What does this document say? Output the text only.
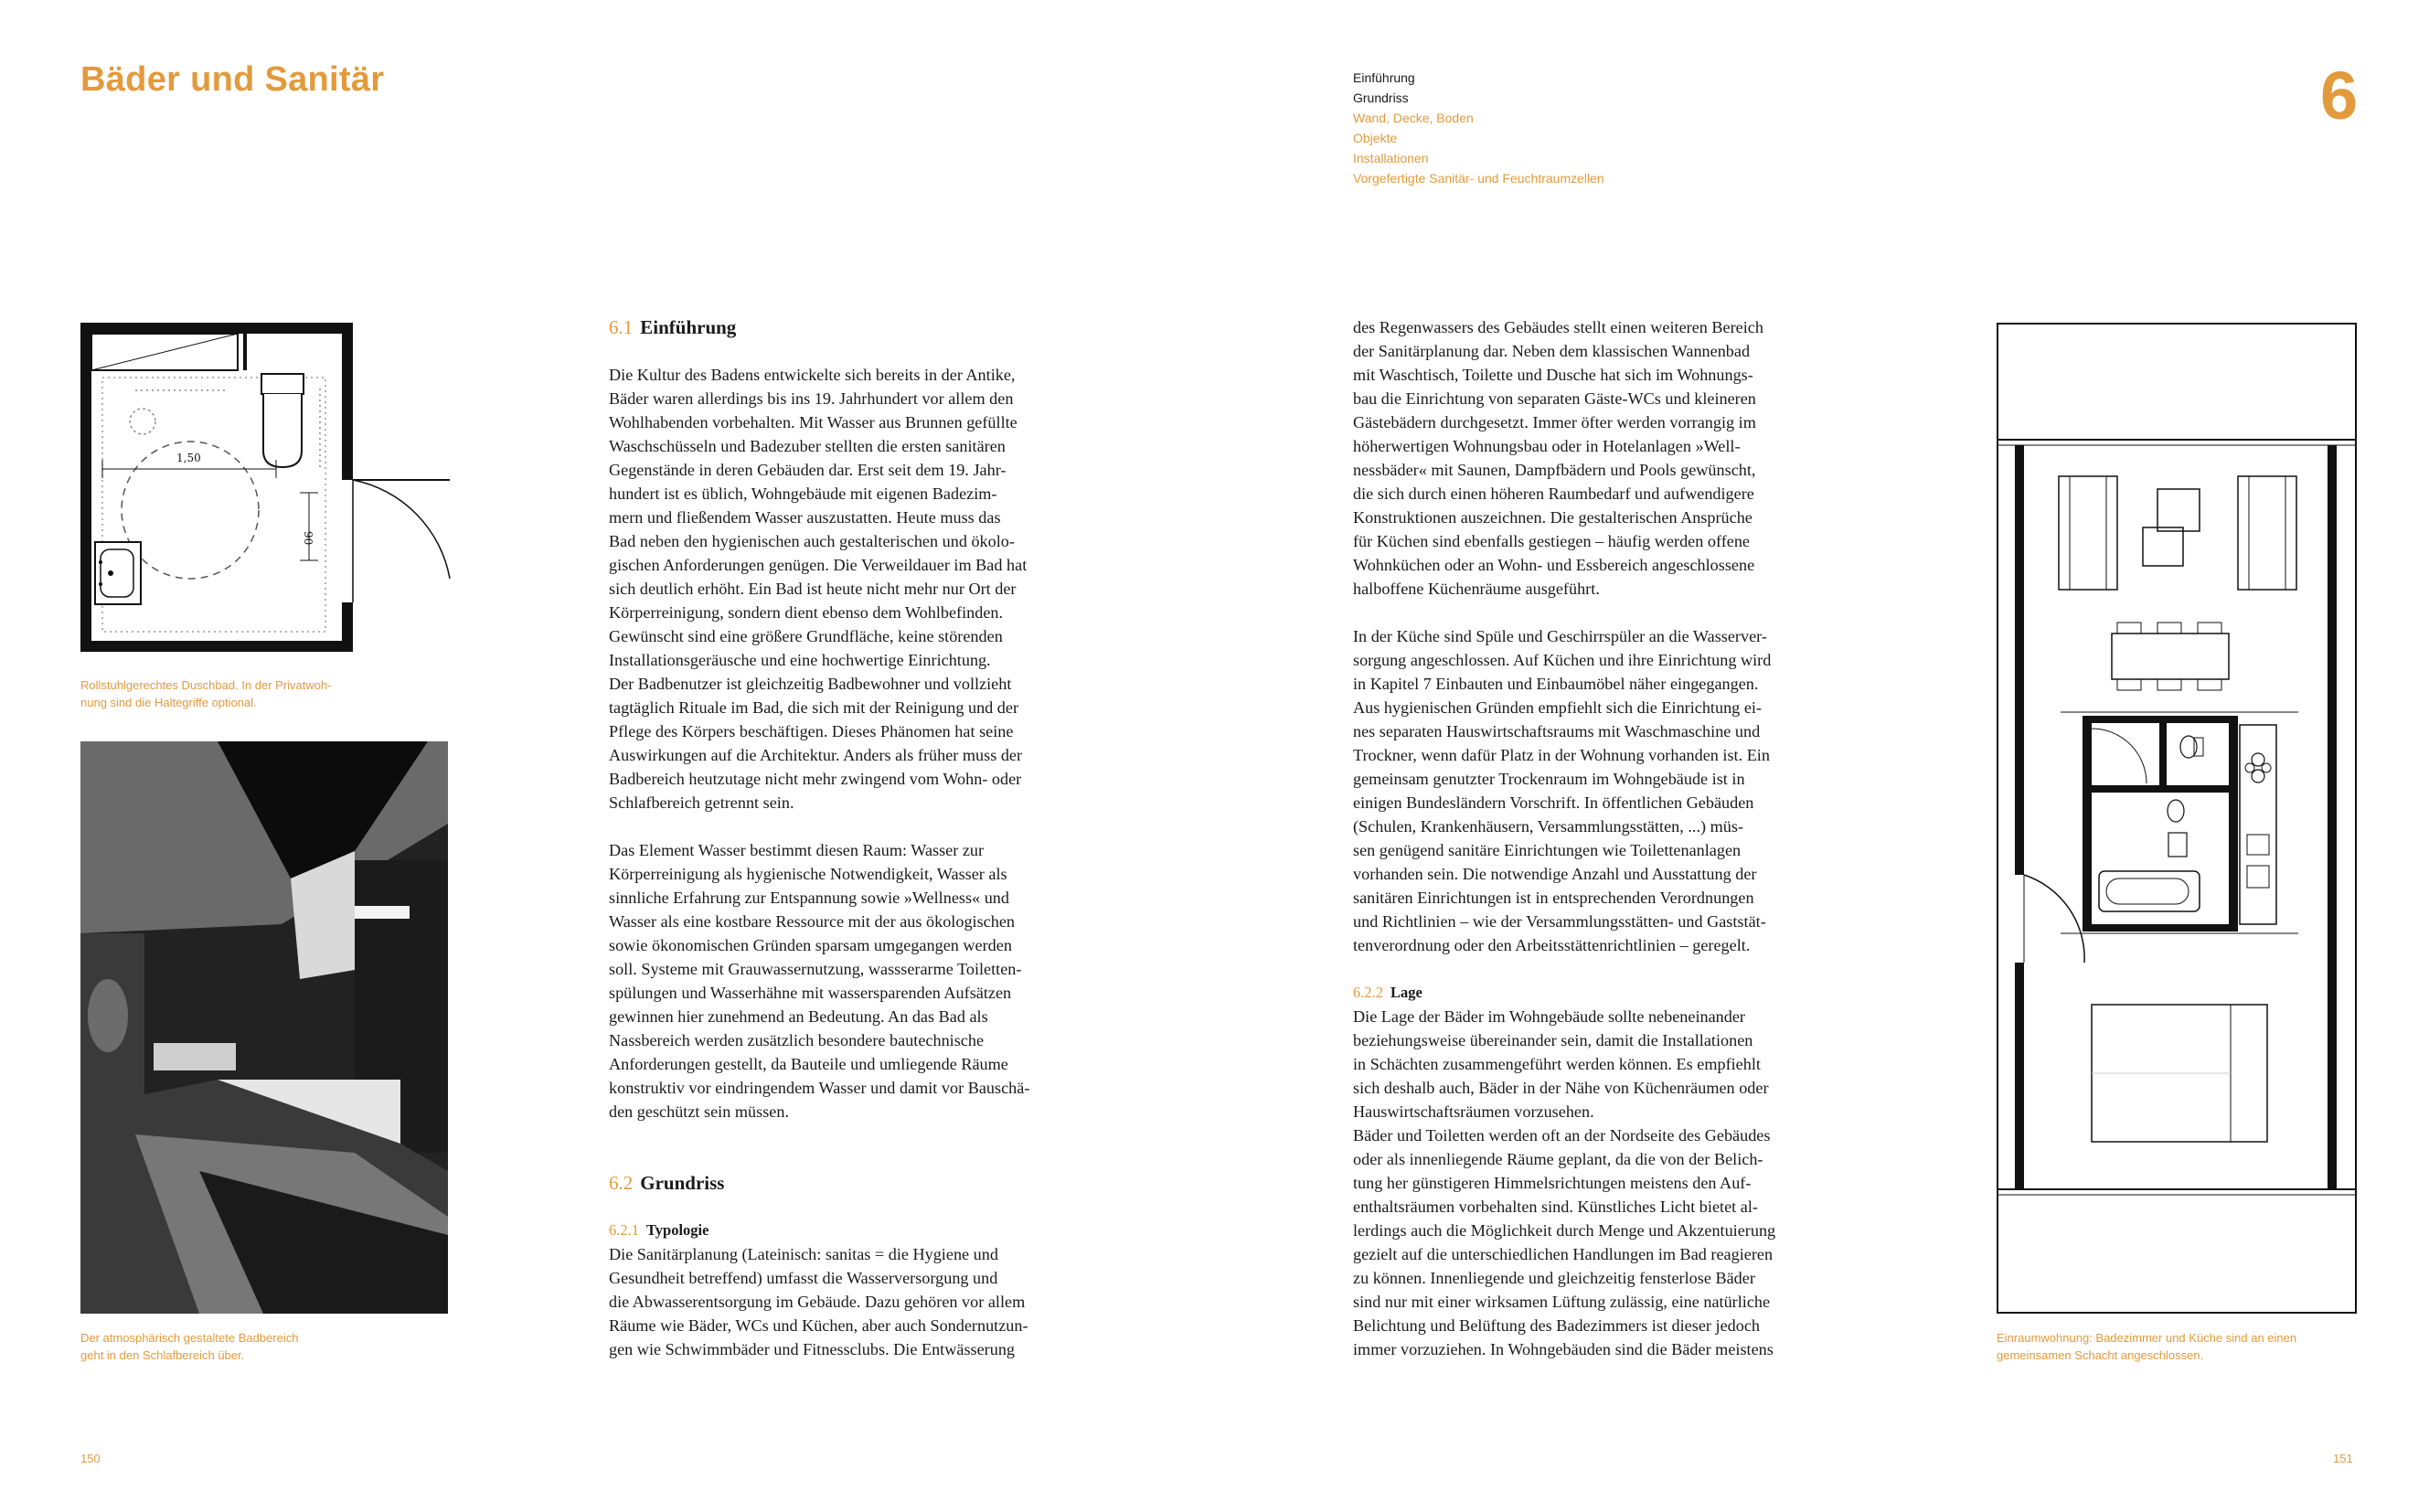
Bäder und Sanitär	Einführung
Grundriss
Wand, Decke, Boden
Objekte
Installationen
Vorgefertigte Sanitär- und Feuchtraumzellen
6
1,50
90
Rollstuhlgerechtes Duschbad. In der Privatwoh-
nung sind die Haltegriffe optional.
Der atmosphärisch gestaltete Badbereich
geht in den Schlafbereich über.
6.1 Einführung

Die Kultur des Badens entwickelte sich bereits in der Antike,
Bäder waren allerdings bis ins 19. Jahrhundert vor allem den
Wohlhabenden vorbehalten. Mit Wasser aus Brunnen gefüllte
Waschschüsseln und Badezuber stellten die ersten sanitären
Gegenstände in deren Gebäuden dar. Erst seit dem 19. Jahr-
hundert ist es üblich, Wohngebäude mit eigenen Badezim-
mern und fließendem Wasser auszustatten. Heute muss das
Bad neben den hygienischen auch gestalterischen und ökolo-
gischen Anforderungen genügen. Die Verweildauer im Bad hat
sich deutlich erhöht. Ein Bad ist heute nicht mehr nur Ort der
Körperreinigung, sondern dient ebenso dem Wohlbefinden.
Gewünscht sind eine größere Grundfläche, keine störenden
Installationsgeräusche und eine hochwertige Einrichtung.
Der Badbenutzer ist gleichzeitig Badbewohner und vollzieht
tagtäglich Rituale im Bad, die sich mit der Reinigung und der
Pflege des Körpers beschäftigen. Dieses Phänomen hat seine
Auswirkungen auf die Architektur. Anders als früher muss der
Badbereich heutzutage nicht mehr zwingend vom Wohn- oder
Schlafbereich getrennt sein.

Das Element Wasser bestimmt diesen Raum: Wasser zur
Körperreinigung als hygienische Notwendigkeit, Wasser als
sinnliche Erfahrung zur Entspannung sowie »Wellness« und
Wasser als eine kostbare Ressource mit der aus ökologischen
sowie ökonomischen Gründen sparsam umgegangen werden
soll. Systeme mit Grauwassernutzung, wassserarme Toiletten-
spülungen und Wasserhähne mit wassersparenden Aufsätzen
gewinnen hier zunehmend an Bedeutung. An das Bad als
Nassbereich werden zusätzlich besondere bautechnische
Anforderungen gestellt, da Bauteile und umliegende Räume
konstruktiv vor eindringendem Wasser und damit vor Bauschä-
den geschützt sein müssen.

6.2 Grundriss
6.2.1 Typologie

Die Sanitärplanung (Lateinisch: sanitas = die Hygiene und
Gesundheit betreffend) umfasst die Wasserversorgung und
die Abwasserentsorgung im Gebäude. Dazu gehören vor allem
Räume wie Bäder, WCs und Küchen, aber auch Sondernutzun-
gen wie Schwimmbäder und Fitnessclubs. Die Entwässerung

des Regenwassers des Gebäudes stellt einen weiteren Bereich
der Sanitärplanung dar. Neben dem klassischen Wannenbad
mit Waschtisch, Toilette und Dusche hat sich im Wohnungs-
bau die Einrichtung von separaten Gäste-WCs und kleineren
Gästebädern durchgesetzt. Immer öfter werden vorrangig im
höherwertigen Wohnungsbau oder in Hotelanlagen »Well-
nessbäder« mit Saunen, Dampfbädern und Pools gewünscht,
die sich durch einen höheren Raumbedarf und aufwendigere
Konstruktionen auszeichnen. Die gestalterischen Ansprüche
für Küchen sind ebenfalls gestiegen – häufig werden offene
Wohnküchen oder an Wohn- und Essbereich angeschlossene
halboffene Küchenräume ausgeführt.

In der Küche sind Spüle und Geschirrspüler an die Wasserver-
sorgung angeschlossen. Auf Küchen und ihre Einrichtung wird
in Kapitel 7 Einbauten und Einbaumöbel näher eingegangen.
Aus hygienischen Gründen empfiehlt sich die Einrichtung ei-
nes separaten Hauswirtschaftsraums mit Waschmaschine und
Trockner, wenn dafür Platz in der Wohnung vorhanden ist. Ein
gemeinsam genutzter Trockenraum im Wohngebäude ist in
einigen Bundesländern Vorschrift. In öffentlichen Gebäuden
(Schulen, Krankenhäusern, Versammlungsstätten, ...) müs-
sen genügend sanitäre Einrichtungen wie Toilettenanlagen
vorhanden sein. Die notwendige Anzahl und Ausstattung der
sanitären Einrichtungen ist in entsprechenden Verordnungen
und Richtlinien – wie der Versammlungsstätten- und Gaststät-
tenverordnung oder den Arbeitsstättenrichtlinien – geregelt.

6.2.2 Lage

Die Lage der Bäder im Wohngebäude sollte nebeneinander
beziehungsweise übereinander sein, damit die Installationen
in Schächten zusammengeführt werden können. Es empfiehlt
sich deshalb auch, Bäder in der Nähe von Küchenräumen oder
Hauswirtschaftsräumen vorzusehen.
Bäder und Toiletten werden oft an der Nordseite des Gebäudes
oder als innenliegende Räume geplant, da die von der Belich-
tung her günstigeren Himmelsrichtungen meistens den Auf-
enthaltsräumen vorbehalten sind. Künstliches Licht bietet al-
lerdings auch die Möglichkeit durch Menge und Akzentuierung
gezielt auf die unterschiedlichen Handlungen im Bad reagieren
zu können. Innenliegende und gleichzeitig fensterlose Bäder
sind nur mit einer wirksamen Lüftung zulässig, eine natürliche
Belichtung und Belüftung des Badezimmers ist dieser jedoch
immer vorzuziehen. In Wohngebäuden sind die Bäder meistens

Einraumwohnung: Badezimmer und Küche sind an einen
gemeinsamen Schacht angeschlossen.
150	151
